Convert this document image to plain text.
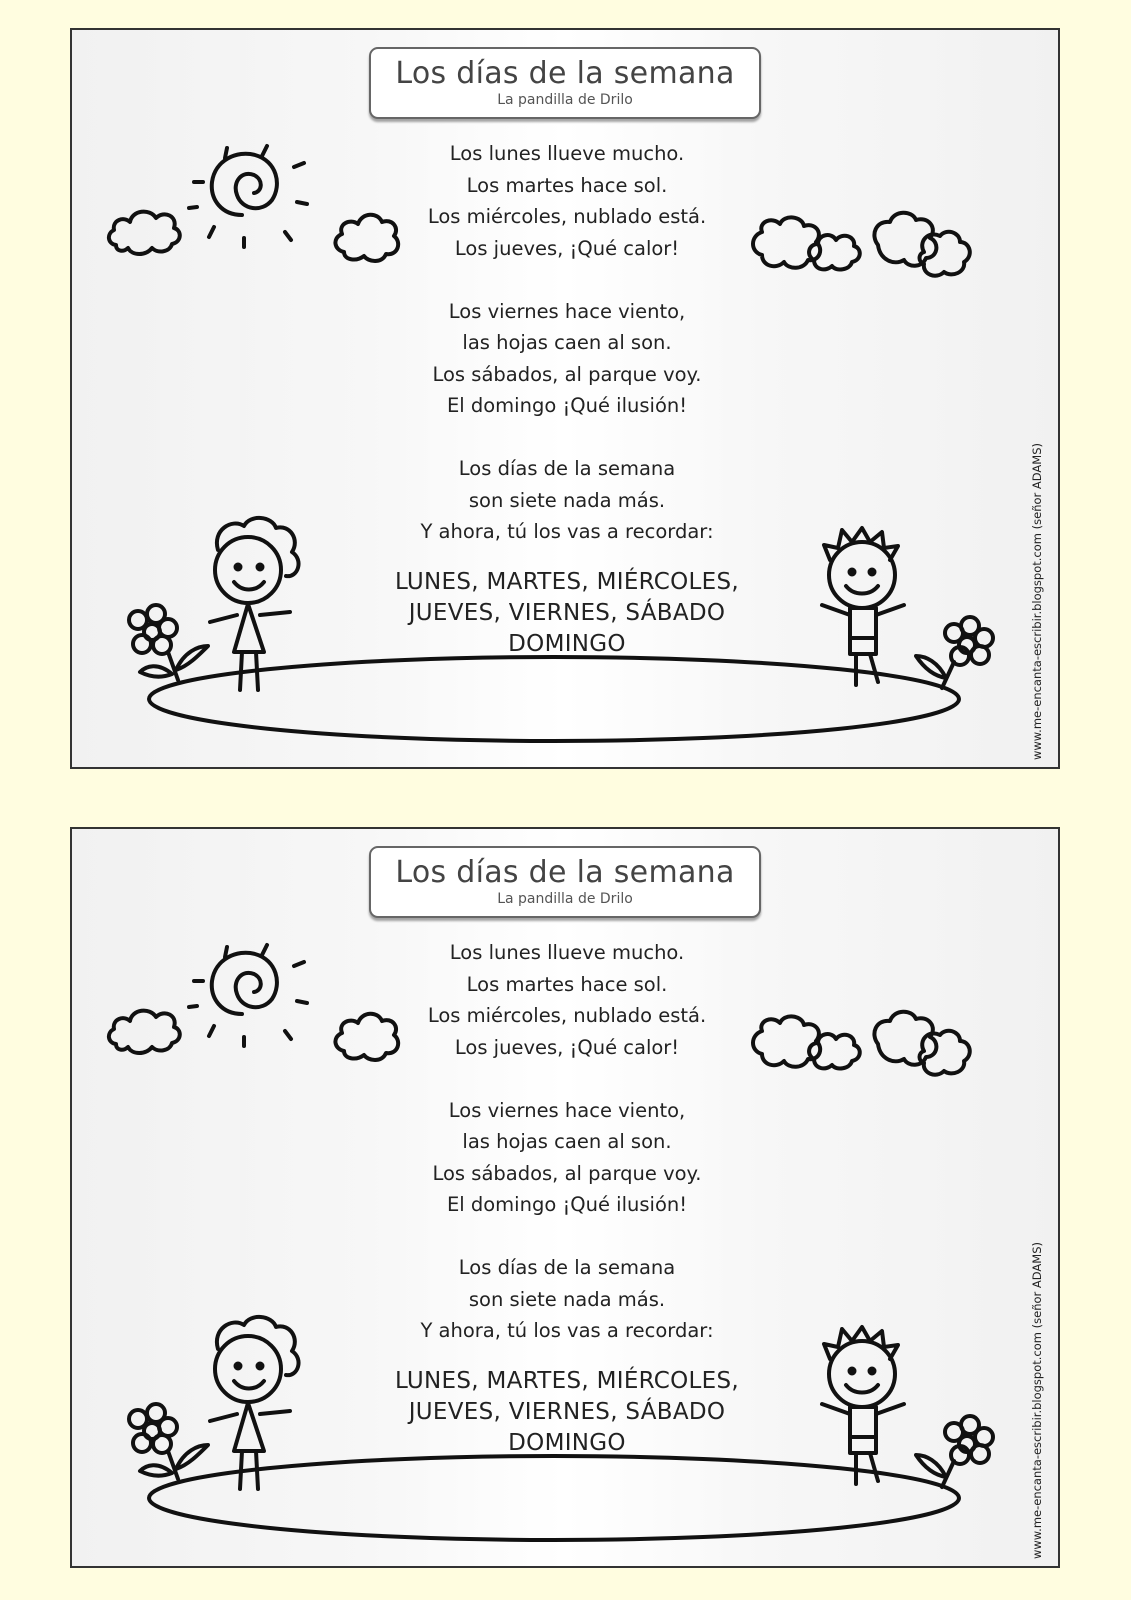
Los días de la semana
La pandilla de Drilo
Los lunes llueve mucho.
Los martes hace sol.
Los miércoles, nublado está.
Los jueves, ¡Qué calor!
Los viernes hace viento,
las hojas caen al son.
Los sábados, al parque voy.
El domingo ¡Qué ilusión!
Los días de la semana
son siete nada más.
Y ahora, tú los vas a recordar:
LUNES, MARTES, MIÉRCOLES,
JUEVES, VIERNES, SÁBADO
DOMINGO	www.me-encanta-escribir.blogspot.com (señor ADAMS)
Los días de la semana
La pandilla de Drilo
Los lunes llueve mucho.
Los martes hace sol.
Los miércoles, nublado está.
Los jueves, ¡Qué calor!
Los viernes hace viento,
las hojas caen al son.
Los sábados, al parque voy.
El domingo ¡Qué ilusión!
Los días de la semana
son siete nada más.
Y ahora, tú los vas a recordar:
LUNES, MARTES, MIÉRCOLES,
JUEVES, VIERNES, SÁBADO
DOMINGO	www.me-encanta-escribir.blogspot.com (señor ADAMS)
